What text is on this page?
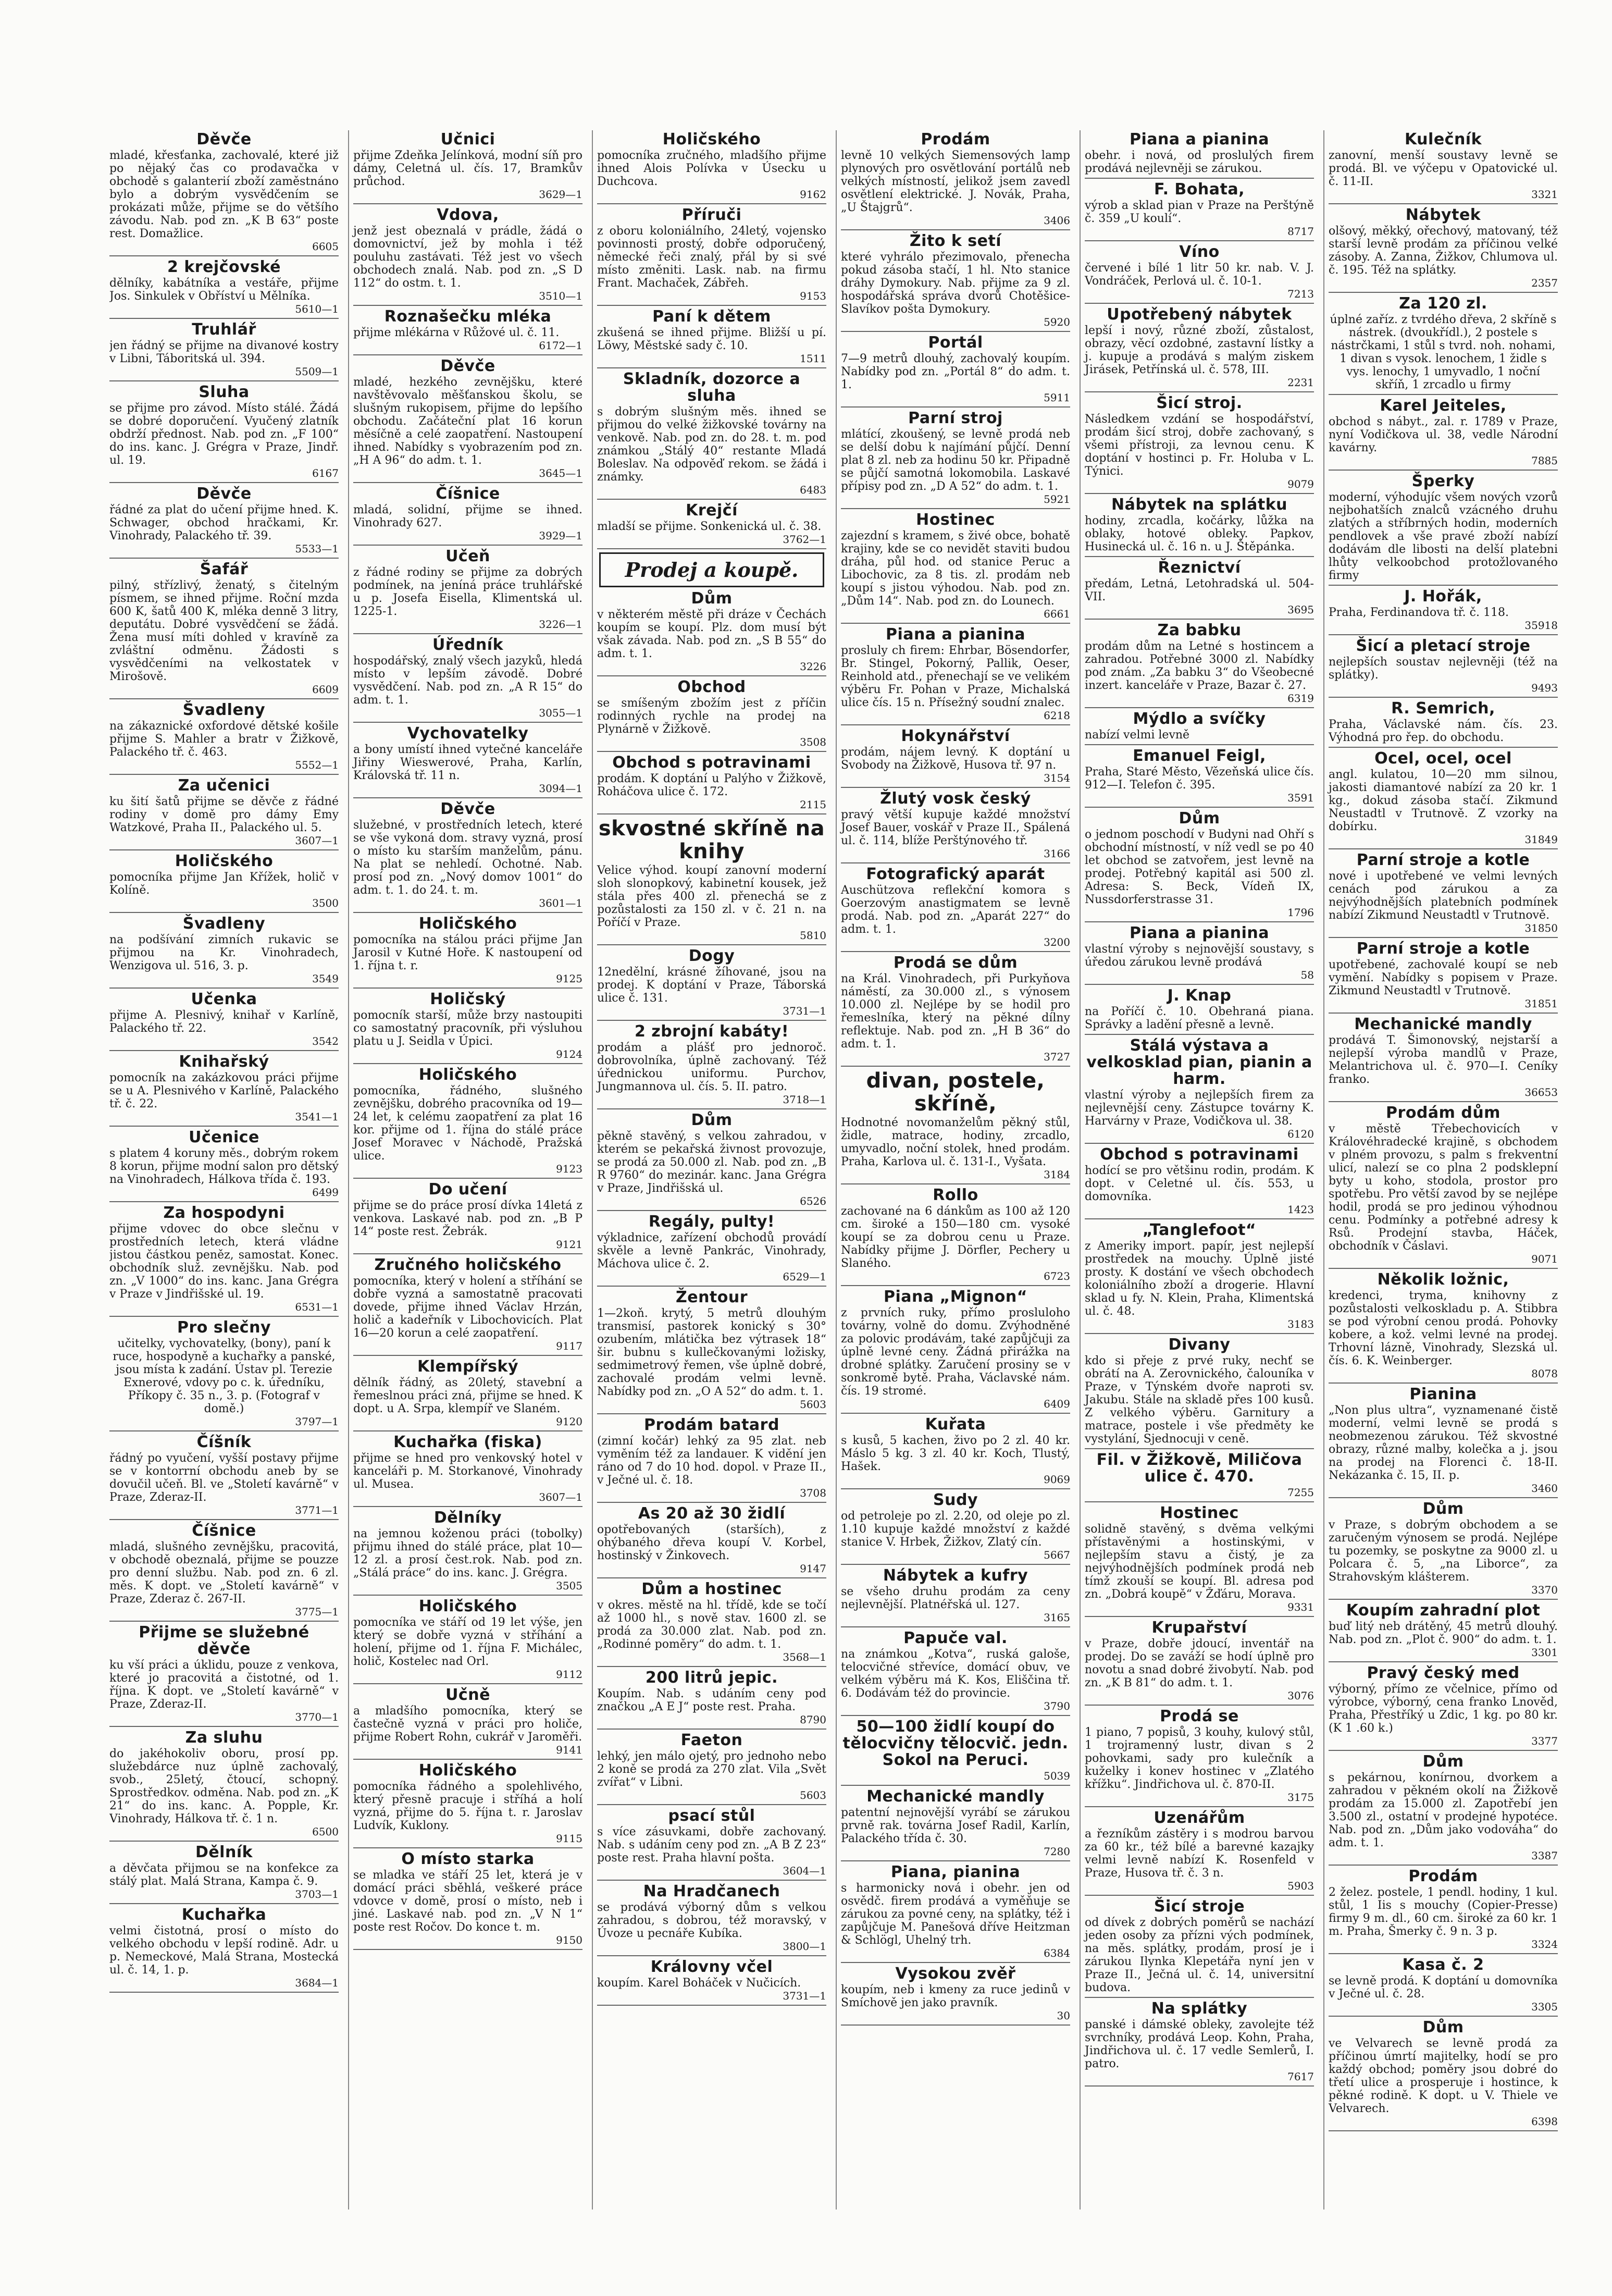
Děvče
mladé, křesťanka, zachovalé, které již po nějaký čas co prodavačka v obchodě s galanterií zboží zaměstnáno bylo a dobrým vysvědčením se prokázati může, přijme se do většího závodu. Nab. pod zn. „K B 63“ poste rest. Domažlice.
6605
2 krejčovské
dělníky, kabátníka a vestáře, přijme Jos. Sinkulek v Obříství u Mělníka.
5610—1
Truhlář
jen řádný se přijme na divanové kostry v Libni, Táboritská ul. 394.
5509—1
Sluha
se přijme pro závod. Místo stálé. Žádá se dobré doporučení. Vyučený zlatník obdrží přednost. Nab. pod zn. „F 100“ do ins. kanc. J. Grégra v Praze, Jindř. ul. 19.
6167
Děvče
řádné za plat do učení přijme hned. K. Schwager, obchod hračkami, Kr. Vinohrady, Palackého tř. 39.
5533—1
Šafář
pilný, střízlivý, ženatý, s čitelným písmem, se ihned přijme. Roční mzda 600 K, šatů 400 K, mléka denně 3 litry, deputátu. Dobré vysvědčení se žádá. Žena musí míti dohled v kravíně za zvláštní odměnu. Žádosti s vysvědčeními na velkostatek v Mirošově.
6609
Švadleny
na zákaznické oxfordové dětské košile přijme S. Mahler a bratr v Žižkově, Palackého tř. č. 463.
5552—1
Za učenici
ku šití šatů přijme se děvče z řádné rodiny v domě pro dámy Emy Watzkové, Praha II., Palackého ul. 5.
3607—1
Holičského
pomocníka přijme Jan Křížek, holič v Kolíně.
3500
Švadleny
na podšívání zimních rukavic se přijmou na Kr. Vinohradech, Wenzigova ul. 516, 3. p.
3549
Učenka
přijme A. Plesnivý, knihař v Karlíně, Palackého tř. 22.
3542
Knihařský
pomocník na zakázkovou práci přijme se u A. Plesnivého v Karlíně, Palackého tř. č. 22.
3541—1
Učenice
s platem 4 koruny měs., dobrým rokem 8 korun, přijme modní salon pro dětský na Vinohradech, Hálkova třída č. 193.
6499
Za hospodyni
přijme vdovec do obce slečnu v prostředních letech, která vládne jistou částkou peněz, samostat. Konec. obchodník služ. zevnějšku. Nab. pod zn. „V 1000“ do ins. kanc. Jana Grégra v Praze v Jindřišské ul. 19.
6531—1
Pro slečny
učitelky, vychovatelky, (bony), paní k ruce, hospodyně a kuchařky a panské, jsou místa k zadání. Ústav pl. Terezie Exnerové, vdovy po c. k. úředníku, Příkopy č. 35 n., 3. p. (Fotograf v domě.)
3797—1
Číšník
řádný po vyučení, vyšší postavy přijme se v kontorrní obchodu aneb by se dovučil učeň. Bl. ve „Století kavárně“ v Praze, Zderaz-II.
3771—1
Číšnice
mladá, slušného zevnějšku, pracovitá, v obchodě obeznalá, přijme se pouzze pro denní službu. Nab. pod zn. 6 zl. měs. K dopt. ve „Století kavárně“ v Praze, Zderaz č. 267-II.
3775—1
Přijme se služebné děvče
ku vší práci a úklidu, pouze z venkova, které jo pracovitá a čistotné, od 1. října. K dopt. ve „Století kavárně“ v Praze, Zderaz-II.
3770—1
Za sluhu
do jakéhokoliv oboru, prosí pp. služebdárce nuz úplně zachovalý, svob., 25letý, čtoucí, schopný. Sprostředkov. odměna. Nab. pod zn. „K 21“ do ins. kanc. A. Popple, Kr. Vinohrady, Hálkova tř. č. 1 n.
6500
Dělník
a děvčata přijmou se na konfekce za stálý plat. Malá Strana, Kampa č. 9.
3703—1
Kuchařka
velmi čistotná, prosí o místo do velkého obchodu v lepší rodině. Adr. u p. Nemeckové, Malá Strana, Mostecká ul. č. 14, 1. p.
3684—1
Učnici
přijme Zdeňka Jelínková, modní síň pro dámy, Celetná ul. čís. 17, Bramkův průchod.
3629—1
Vdova,
jenž jest obeznalá v prádle, žádá o domovnictví, jež by mohla i též pouluhu zastávati. Též jest vo všech obchodech znalá. Nab. pod zn. „S D 112“ do ostm. t. 1.
3510—1
Roznašečku mléka
přijme mlékárna v Růžové ul. č. 11.
6172—1
Děvče
mladé, hezkého zevnějšku, které navštěvovalo měšťanskou školu, se slušným rukopisem, přijme do lepšího obchodu. Začáteční plat 16 korun měsíčně a celé zaopatření. Nastoupení ihned. Nabídky s vyobrazením pod zn. „H A 96“ do adm. t. 1.
3645—1
Číšnice
mladá, solidní, přijme se ihned. Vinohrady 627.
3929—1
Učeň
z řádné rodiny se přijme za dobrých podmínek, na jeníná práce truhlářské u p. Josefa Eisella, Klimentská ul. 1225-1.
3226—1
Úředník
hospodářský, znalý všech jazyků, hledá místo v lepším závodě. Dobré vysvědčení. Nab. pod zn. „A R 15“ do adm. t. 1.
3055—1
Vychovatelky
a bony umístí ihned vytečné kanceláře Jiřiny Wieswerové, Praha, Karlín, Královská tř. 11 n.
3094—1
Děvče
služebné, v prostředních letech, které se vše vykoná dom. stravy vyzná, prosí o místo ku starším manželům, pánu. Na plat se nehledí. Ochotné. Nab. prosí pod zn. „Nový domov 1001“ do adm. t. 1. do 24. t. m.
3601—1
Holičského
pomocníka na stálou práci přijme Jan Jarosil v Kutné Hoře. K nastoupení od 1. října t. r.
9125
Holičský
pomocník starší, může brzy nastoupiti co samostatný pracovník, při výsluhou platu u J. Seidla v Úpici.
9124
Holičského
pomocníka, řádného, slušného zevnějšku, dobrého pracovníka od 19—24 let, k celému zaopatření za plat 16 kor. přijme od 1. října do stálé práce Josef Moravec v Náchodě, Pražská ulice.
9123
Do učení
přijme se do práce prosí dívka 14letá z venkova. Laskavé nab. pod zn. „B P 14“ poste rest. Žebrák.
9121
Zručného holičského
pomocníka, který v holení a stříhání se dobře vyzná a samostatně pracovati dovede, přijme ihned Václav Hrzán, holič a kadeřník v Libochovicích. Plat 16—20 korun a celé zaopatření.
9117
Klempířský
dělník řádný, as 20letý, stavební a řemeslnou práci zná, přijme se hned. K dopt. u A. Srpa, klempíř ve Slaném.
9120
Kuchařka (fiska)
přijme se hned pro venkovský hotel v kanceláři p. M. Storkanové, Vinohrady ul. Musea.
3607—1
Dělníky
na jemnou koženou práci (tobolky) přijmu ihned do stálé práce, plat 10—12 zl. a prosí čest.rok. Nab. pod zn. „Stálá práce“ do ins. kanc. J. Grégra.
3505
Holičského
pomocníka ve stáří od 19 let výše, jen který se dobře vyzná v stříhání a holení, přijme od 1. října F. Michálec, holič, Kostelec nad Orl.
9112
Učně
a mladšího pomocníka, který se častečně vyzná v práci pro holiče, přijme Robert Rohn, cukrář v Jaroměři.
9141
Holičského
pomocníka řádného a spolehlivého, který přesně pracuje i stříhá a holí vyzná, přijme do 5. října t. r. Jaroslav Ludvík, Kuklony.
9115
O místo starka
se mladka ve stáří 25 let, která je v domácí práci sběhlá, veškeré práce vdovce v domě, prosí o místo, neb i jiné. Laskavé nab. pod zn. „V N 1“ poste rest Ročov. Do konce t. m.
9150
Holičského
pomocníka zručného, mladšího přijme ihned Alois Polívka v Úsecku u Duchcova.
9162
Příruči
z oboru koloniálního, 24letý, vojensko povinnosti prostý, dobře odporučený, německé řeči znalý, přál by si své místo změniti. Lask. nab. na firmu Frant. Machaček, Zábřeh.
9153
Paní k dětem
zkušená se ihned přijme. Bližší u pí. Löwy, Městské sady č. 10.
1511
Skladník, dozorce a sluha
s dobrým slušným měs. ihned se přijmou do velké žižkovské továrny na venkově. Nab. pod zn. do 28. t. m. pod známkou „Stálý 40“ restante Mladá Boleslav. Na odpověď rekom. se žádá i známky.
6483
Krejčí
mladší se přijme. Sonkenická ul. č. 38.
3762—1
Prodej a koupě.
Dům
v některém městě při dráze v Čechách koupím se koupí. Plz. dom musí být však závada. Nab. pod zn. „S B 55“ do adm. t. 1.
3226
Obchod
se smíšeným zbožím jest z příčin rodinných rychle na prodej na Plynárně v Žižkově.
3508
Obchod s potravinami
prodám. K doptání u Palýho v Žižkově, Roháčova ulice č. 172.
2115
skvostné skříně na knihy
Velice výhod. koupí zanovní moderní sloh slonopkový, kabinetní kousek, jež stála přes 400 zl. přenechá se z pozůstalosti za 150 zl. v č. 21 n. na Poříčí v Praze.
5810
Dogy
12nedělní, krásné žíhované, jsou na prodej. K doptání v Praze, Táborská ulice č. 131.
3731—1
2 zbrojní kabáty!
prodám a plášť pro jednoroč. dobrovolníka, úplně zachovaný. Též úřednickou uniformu. Purchov, Jungmannova ul. čís. 5. II. patro.
3718—1
Dům
pěkně stavěný, s velkou zahradou, v kterém se pekařská živnost provozuje, se prodá za 50.000 zl. Nab. pod zn. „B R 9760“ do mezinár. kanc. Jana Grégra v Praze, Jindřišská ul.
6526
Regály, pulty!
výkladnice, zařízení obchodů provádí skvěle a levně Pankrác, Vinohrady, Máchova ulice č. 2.
6529—1
Žentour
1—2koň. krytý, 5 metrů dlouhým transmisí, pastorek konický s 30° ozubením, mlátička bez výtrasek 18“ šir. bubnu s kullečkovanými ložisky, sedmimetrový řemen, vše úplně dobré, zachovalé prodám velmi levně. Nabídky pod zn. „O A 52“ do adm. t. 1.
5603
Prodám batard
(zimní kočár) lehký za 95 zlat. neb vyměním též za landauer. K vidění jen ráno od 7 do 10 hod. dopol. v Praze II., v Ječné ul. č. 18.
3708
As 20 až 30 židlí
opotřebovaných (starších), z ohýbaného dřeva koupí V. Korbel, hostinský v Žinkovech.
9147
Dům a hostinec
v okres. městě na hl. třídě, kde se točí až 1000 hl., s nově stav. 1600 zl. se prodá za 30.000 zlat. Nab. pod zn. „Rodinné poměry“ do adm. t. 1.
3568—1
200 litrů jepic.
Koupím. Nab. s udáním ceny pod značkou „A E J“ poste rest. Praha.
8790
Faeton
lehký, jen málo ojetý, pro jednoho nebo 2 koně se prodá za 270 zlat. Vila „Svět zvířat“ v Libni.
5603
psací stůl
s více zásuvkami, dobře zachovaný. Nab. s udáním ceny pod zn. „A B Z 23“ poste rest. Praha hlavní pošta.
3604—1
Na Hradčanech
se prodává výborný dům s velkou zahradou, s dobrou, též moravský, v Úvoze u pecnáře Kubíka.
3800—1
Královny včel
koupím. Karel Boháček v Nučicích.
3731—1
Prodám
levně 10 velkých Siemensových lamp plynových pro osvětlování portálů neb velkých místností, jelikož jsem zavedl osvětlení elektrické. J. Novák, Praha, „U Štajgrů“.
3406
Žito k setí
které vyhrálo přezimovalo, přenecha pokud zásoba stačí, 1 hl. Nto stanice dráhy Dymokury. Nab. přijme za 9 zl. hospodářská správa dvorů Chotěšice-Slavíkov pošta Dymokury.
5920
Portál
7—9 metrů dlouhý, zachovalý koupím. Nabídky pod zn. „Portál 8“ do adm. t. 1.
5911
Parní stroj
mlátící, zkoušený, se levně prodá neb se delší dobu k najímání půjčí. Denní plat 8 zl. neb za hodinu 50 kr. Připadně se půjčí samotná lokomobila. Laskavé přípisy pod zn. „D A 52“ do adm. t. 1.
5921
Hostinec
zajezdní s kramem, s živé obce, bohatě krajiny, kde se co nevidět staviti budou dráha, půl hod. od stanice Peruc a Libochovic, za 8 tis. zl. prodám neb koupí s jistou výhodou. Nab. pod zn. „Dům 14“. Nab. pod zn. do Lounech.
6661
Piana a pianina
prosluly ch firem: Ehrbar, Bösendorfer, Br. Stingel, Pokorný, Pallik, Oeser, Reinhold atd., přenechají se ve velikém výběru Fr. Pohan v Praze, Michalská ulice čís. 15 n. Přísežný soudní znalec.
6218
Hokynářství
prodám, nájem levný. K doptání u Svobody na Žižkově, Husova tř. 97 n.
3154
Žlutý vosk český
pravý větší kupuje každé množství Josef Bauer, voskář v Praze II., Spálená ul. č. 114, blíže Perštýnového tř.
3166
Fotografický aparát
Auschützova reflekční komora s Goerzovým anastigmatem se levně prodá. Nab. pod zn. „Aparát 227“ do adm. t. 1.
3200
Prodá se dům
na Král. Vinohradech, při Purkyňova náměstí, za 30.000 zl., s výnosem 10.000 zl. Nejlépe by se hodil pro řemeslníka, který na pěkné dílny reflektuje. Nab. pod zn. „H B 36“ do adm. t. 1.
3727
divan, postele, skříně,
Hodnotné novomanželům pěkný stůl, židle, matrace, hodiny, zrcadlo, umyvadlo, noční stolek, hned prodám. Praha, Karlova ul. č. 131-I., Vyšata.
3184
Rollo
zachované na 6 dánkům as 100 až 120 cm. široké a 150—180 cm. vysoké koupí se za dobrou cenu u Praze. Nabídky přijme J. Dörfler, Pechery u Slaného.
6723
Piana „Mignon“
z prvních ruky, přímo prosluloho továrny, volně do domu. Zvýhodněné za polovic prodávám, také zapůjčuji za úplně levné ceny. Žádná přirážka na drobné splátky. Zaručení prosiny se v sonkromě bytě. Praha, Václavské nám. čís. 19 stromé.
6409
Kuřata
s kusů, 5 kachen, živo po 2 zl. 40 kr. Máslo 5 kg. 3 zl. 40 kr. Koch, Tlustý, Hašek.
9069
Sudy
od petroleje po zl. 2.20, od oleje po zl. 1.10 kupuje každé množství z každé stanice V. Hrbek, Žižkov, Zlatý cín.
5667
Nábytek a kufry
se všeho druhu prodám za ceny nejlevnější. Platnéřská ul. 127.
3165
Papuče val.
na známkou „Kotva“, ruská galoše, telocvičné střevíce, domácí obuv, ve velkém výběru má K. Kos, Eliščina tř. 6. Dodávám též do provincie.
3790
50—100 židlí koupí do tělocvičny tělocvič. jedn. Sokol na Peruci.
5039
Mechanické mandly
patentní nejnovější vyrábí se zárukou prvně rak. továrna Josef Radil, Karlín, Palackého třída č. 30.
7280
Piana, pianina
s harmonicky nová i obehr. jen od osvědč. firem prodává a vyměňuje se zárukou za povné ceny, na splátky, též i zapůjčuje M. Panešová dříve Heitzman & Schlögl, Uhelný trh.
6384
Vysokou zvěř
koupím, neb i kmeny za ruce jedinů v Smíchově jen jako pravník.
30
Piana a pianina
obehr. i nová, od proslulých firem prodává nejlevněji se zárukou.
F. Bohata,
výrob a sklad pian v Praze na Perštýně č. 359 „U koulí“.
8717
Víno
červené i bílé 1 litr 50 kr. nab. V. J. Vondráček, Perlová ul. č. 10-1.
7213
Upotřebený nábytek
lepší i nový, různé zboží, zůstalost, obrazy, věcí ozdobné, zastavní lístky a j. kupuje a prodává s malým ziskem Jirásek, Petřínská ul. č. 578, III.
2231
Šicí stroj.
Následkem vzdání se hospodářství, prodám šicí stroj, dobře zachovaný, s všemi přístroji, za levnou cenu. K doptání v hostinci p. Fr. Holuba v L. Týnici.
9079
Nábytek na splátku
hodiny, zrcadla, kočárky, lůžka na oblaky, hotové obleky. Papkov, Husinecká ul. č. 16 n. u J. Štěpánka.
Řeznictví
předám, Letná, Letohradská ul. 504-VII.
3695
Za babku
prodám dům na Letné s hostincem a zahradou. Potřebné 3000 zl. Nabídky pod znám. „Za babku 3“ do Všeobecné inzert. kanceláře v Praze, Bazar č. 27.
6319
Mýdlo a svíčky
nabízí velmi levně
Emanuel Feigl,
Praha, Staré Město, Vězeňská ulice čís. 912—I. Telefon č. 395.
3591
Dům
o jednom poschodí v Budyni nad Ohří s obchodní místností, v níž vedl se po 40 let obchod se zatvořem, jest levně na prodej. Potřebný kapitál asi 500 zl. Adresa: S. Beck, Vídeň IX, Nussdorferstrasse 31.
1796
Piana a pianina
vlastní výroby s nejnovější soustavy, s úředou zárukou levně prodává
58
J. Knap
na Poříčí č. 10. Obehraná piana. Správky a ladění přesně a levně.
Stálá výstava a velkosklad pian, pianin a harm.
vlastní výroby a nejlepších firem za nejlevnější ceny. Zástupce továrny K. Harvárny v Praze, Vodičkova ul. 38.
6120
Obchod s potravinami
hodící se pro většinu rodin, prodám. K dopt. v Celetné ul. čís. 553, u domovníka.
1423
„Tanglefoot“
z Ameriky import. papír, jest nejlepší prostředek na mouchy. Úplně jisté prosty. K dostání ve všech obchodech koloniálního zboží a drogerie. Hlavní sklad u fy. N. Klein, Praha, Klimentská ul. č. 48.
3183
Divany
kdo si přeje z prvé ruky, nechť se obrátí na A. Zerovnického, čalouníka v Praze, v Týnském dvoře naproti sv. Jakubu. Stále na skladě přes 100 kusů. Z velkého výběru. Garnitury a matrace, postele i vše předměty ke vystylání, Sjednocuji v ceně.
Fil. v Žižkově, Miličova ulice č. 470.
7255
Hostinec
solidně stavěný, s dvěma velkými přístavěnými a hostinskými, v nejlepším stavu a čistý, je za nejvýhodnějších podmínek prodá neb tímž zkouší se koupí. Bl. adresa pod zn. „Dobrá koupě“ v Žďáru, Morava.
9331
Krupařství
v Praze, dobře jdoucí, inventář na prodej. Do se zaváží se hodí úplně pro novotu a snad dobré živobytí. Nab. pod zn. „K B 81“ do adm. t. 1.
3076
Prodá se
1 piano, 7 popisů, 3 kouhy, kulový stůl, 1 trojramenný lustr, divan s 2 pohovkami, sady pro kulečník a kuželky i konev hostinec v „Zlatého křížku“. Jindřichova ul. č. 870-II.
3175
Uzenářům
a řezníkům zástěry i s modrou barvou za 60 kr., též bílé a barevné kazajky velmi levně nabízí K. Rosenfeld v Praze, Husova tř. č. 3 n.
5903
Šicí stroje
od dívek z dobrých poměrů se nachází jeden osoby za přízni vých podmínek, na měs. splátky, prodám, prosí je i zárukou Ilynka Klepetářa nyní jen v Praze II., Ječná ul. č. 14, universitní budova.
Na splátky
panské i dámské obleky, zavolejte též svrchníky, prodává Leop. Kohn, Praha, Jindřichova ul. č. 17 vedle Semlerů, I. patro.
7617
Kulečník
zanovní, menší soustavy levně se prodá. Bl. ve výčepu v Opatovické ul. č. 11-II.
3321
Nábytek
olšový, měkký, ořechový, matovaný, též starší levně prodám za příčinou velké zásoby. A. Zanna, Žižkov, Chlumova ul. č. 195. Též na splátky.
2357
Za 120 zl.
úplné zaříz. z tvrdého dřeva, 2 skříně s nástrek. (dvoukřídl.), 2 postele s nástrčkami, 1 stůl s tvrd. noh. nohami, 1 divan s vysok. lenochem, 1 židle s vys. lenochy, 1 umyvadlo, 1 noční skříň, 1 zrcadlo u firmy
Karel Jeiteles,
obchod s nábyt., zal. r. 1789 v Praze, nyní Vodičkova ul. 38, vedle Národní kavárny.
7885
Šperky
moderní, výhodujíc všem nových vzorů nejbohatších znalců vzácného druhu zlatých a stříbrných hodin, moderních pendlovek a vše pravé zboží nabízí dodávám dle libosti na delší platebni lhůty velkoobchod protožlovaného firmy
J. Hořák,
Praha, Ferdinandova tř. č. 118.
35918
Šicí a pletací stroje
nejlepších soustav nejlevněji (též na splátky).
9493
R. Semrich,
Praha, Václavské nám. čís. 23. Výhodná pro řep. do obchodu.
Ocel, ocel, ocel
angl. kulatou, 10—20 mm silnou, jakosti diamantové nabízí za 20 kr. 1 kg., dokud zásoba stačí. Zikmund Neustadtl v Trutnově. Z vzorky na dobírku.
31849
Parní stroje a kotle
nové i upotřebené ve velmi levných cenách pod zárukou a za nejvýhodnějších platebních podmínek nabízí Zikmund Neustadtl v Trutnově.
31850
Parní stroje a kotle
upotřebené, zachovalé koupí se neb vymění. Nabídky s popisem v Praze. Zikmund Neustadtl v Trutnově.
31851
Mechanické mandly
prodává T. Šimonovský, nejstarší a nejlepší výroba mandlů v Praze, Melantrichova ul. č. 970—I. Ceníky franko.
36653
Prodám dům
v městě Třebechovicích v Královéhradecké krajině, s obchodem v plném provozu, s palm s frekventní ulicí, nalezí se co plna 2 podsklepní byty u koho, stodola, prostor pro spotřebu. Pro větší zavod by se nejlépe hodil, prodá se pro jedinou výhodnou cenu. Podmínky a potřebné adresy k Rsů. Prodejní stavba, Háček, obchodník v Čáslavi.
9071
Několik ložnic,
kredenci, tryma, knihovny z pozůstalosti velkoskladu p. A. Stibbra se pod výrobní cenou prodá. Pohovky kobere, a kož. velmi levné na prodej. Trhovní lázně, Vinohrady, Slezská ul. čís. 6. K. Weinberger.
8078
Pianina
„Non plus ultra“, vyznamenané čistě moderní, velmi levně se prodá s neobmezenou zárukou. Též skvostné obrazy, různé malby, kolečka a j. jsou na prodej na Florenci č. 18-II. Nekázanka č. 15, II. p.
3460
Dům
v Praze, s dobrým obchodem a se zaručeným výnosem se prodá. Nejlépe tu pozemky, se poskytne za 9000 zl. u Polcara č. 5, „na Liborce“, za Strahovským klášterem.
3370
Koupím zahradní plot
buď litý neb drátěný, 45 metrů dlouhý. Nab. pod zn. „Plot č. 900“ do adm. t. 1.
3301
Pravý český med
výborný, přímo ze včelnice, přímo od výrobce, výborný, cena franko Lnověd, Praha, Přestříký u Zdic, 1 kg. po 80 kr. (K 1 .60 k.)
3377
Dům
s pekárnou, konírnou, dvorkem a zahradou v pěkném okolí na Žižkově prodám za 15.000 zl. Zapotřebí jen 3.500 zl., ostatní v prodejné hypotéce. Nab. pod zn. „Dům jako vodováha“ do adm. t. 1.
3387
Prodám
2 želez. postele, 1 pendl. hodiny, 1 kul. stůl, 1 Iis s mouchy (Copier-Presse) firmy 9 m. dl., 60 cm. široké za 60 kr. 1 m. Praha, Šmerky č. 9 n. 3 p.
3324
Kasa č. 2
se levně prodá. K doptání u domovníka v Ječné ul. č. 28.
3305
Dům
ve Velvarech se levně prodá za příčinou úmrtí majitelky, hodí se pro každý obchod; poměry jsou dobré do třetí ulice a prosperuje i hostince, k pěkné rodině. K dopt. u V. Thiele ve Velvarech.
6398
